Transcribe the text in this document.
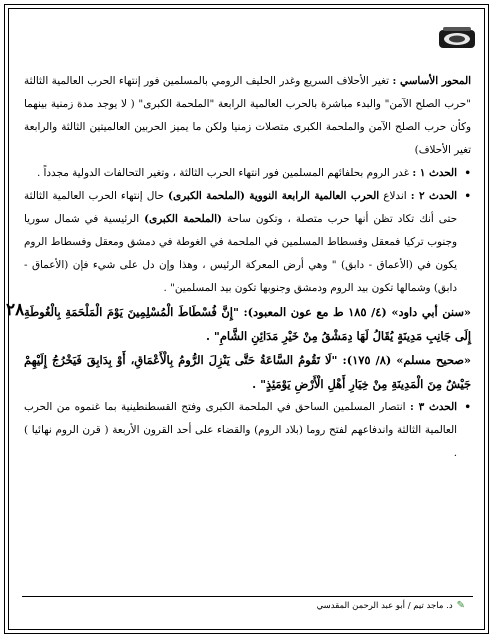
٢٨

المحور الأساسي : تغير الأحلاف السريع وغدر الحليف الرومي بالمسلمين فور إنتهاء الحرب العالمية الثالثة "حرب الصلح الآمن" والبدء مباشرة بالحرب العالمية الرابعة "الملحمة الكبرى" ( لا يوجد مدة زمنية بينهما وكأن حرب الصلح الآمن والملحمة الكبرى متصلات زمنيا ولكن ما يميز الحربين العالميتين الثالثة والرابعة تغير الأحلاف)

•
الحدث ١ : غدر الروم بحلفائهم المسلمين فور انتهاء الحرب الثالثة ، وتغير التحالفات الدولية مجدداً .

•
الحدث ٢ : اندلاع الحرب العالمية الرابعة النووية (الملحمة الكبرى) حال إنتهاء الحرب العالمية الثالثة حتى أنك تكاد تظن أنها حرب متصلة ، وتكون ساحة (الملحمة الكبرى) الرئيسية في شمال سوريا وجنوب تركيا فمعقل وفسطاط المسلمين في الملحمة في الغوطة في دمشق ومعقل وفسطاط الروم يكون في (الأعماق - دابق) " وهي أرض المعركة الرئيس ، وهذا وإن دل على شيء فإن (الأعماق - دابق) وشمالها تكون بيد الروم ودمشق وجنوبها تكون بيد المسلمين" .

«سنن أبي داود» (٤/ ١٨٥ ط مع عون المعبود): "إِنَّ فُسْطَاطَ الْمُسْلِمِينَ يَوْمَ الْمَلْحَمَةِ بِالْغُوطَةِ إِلَى جَانِبِ مَدِينَةٍ يُقَالُ لَهَا دِمَشْقُ مِنْ خَيْرِ مَدَائِنِ الشَّامِ" .

«صحيح مسلم» (٨/ ١٧٥): "لَا تَقُومُ السَّاعَةُ حَتَّى يَنْزِلَ الرُّومُ بِالْأَعْمَاقِ، أَوْ بِدَابِقَ فَيَخْرُجُ إِلَيْهِمْ جَيْشٌ مِنَ الْمَدِينَةِ مِنْ خِيَارِ أَهْلِ الْأَرْضِ يَوْمَئِذٍ" .

•
الحدث ٣ : انتصار المسلمين الساحق في الملحمة الكبرى وفتح القسطنطينية بما غنموه من الحرب العالمية الثالثة واندفاعهم لفتح روما (بلاد الروم) والقضاء على أحد القرون الأربعة ( قرن الروم نهائيا ) .

✎د. ماجد تيم / أبو عبد الرحمن المقدسي
